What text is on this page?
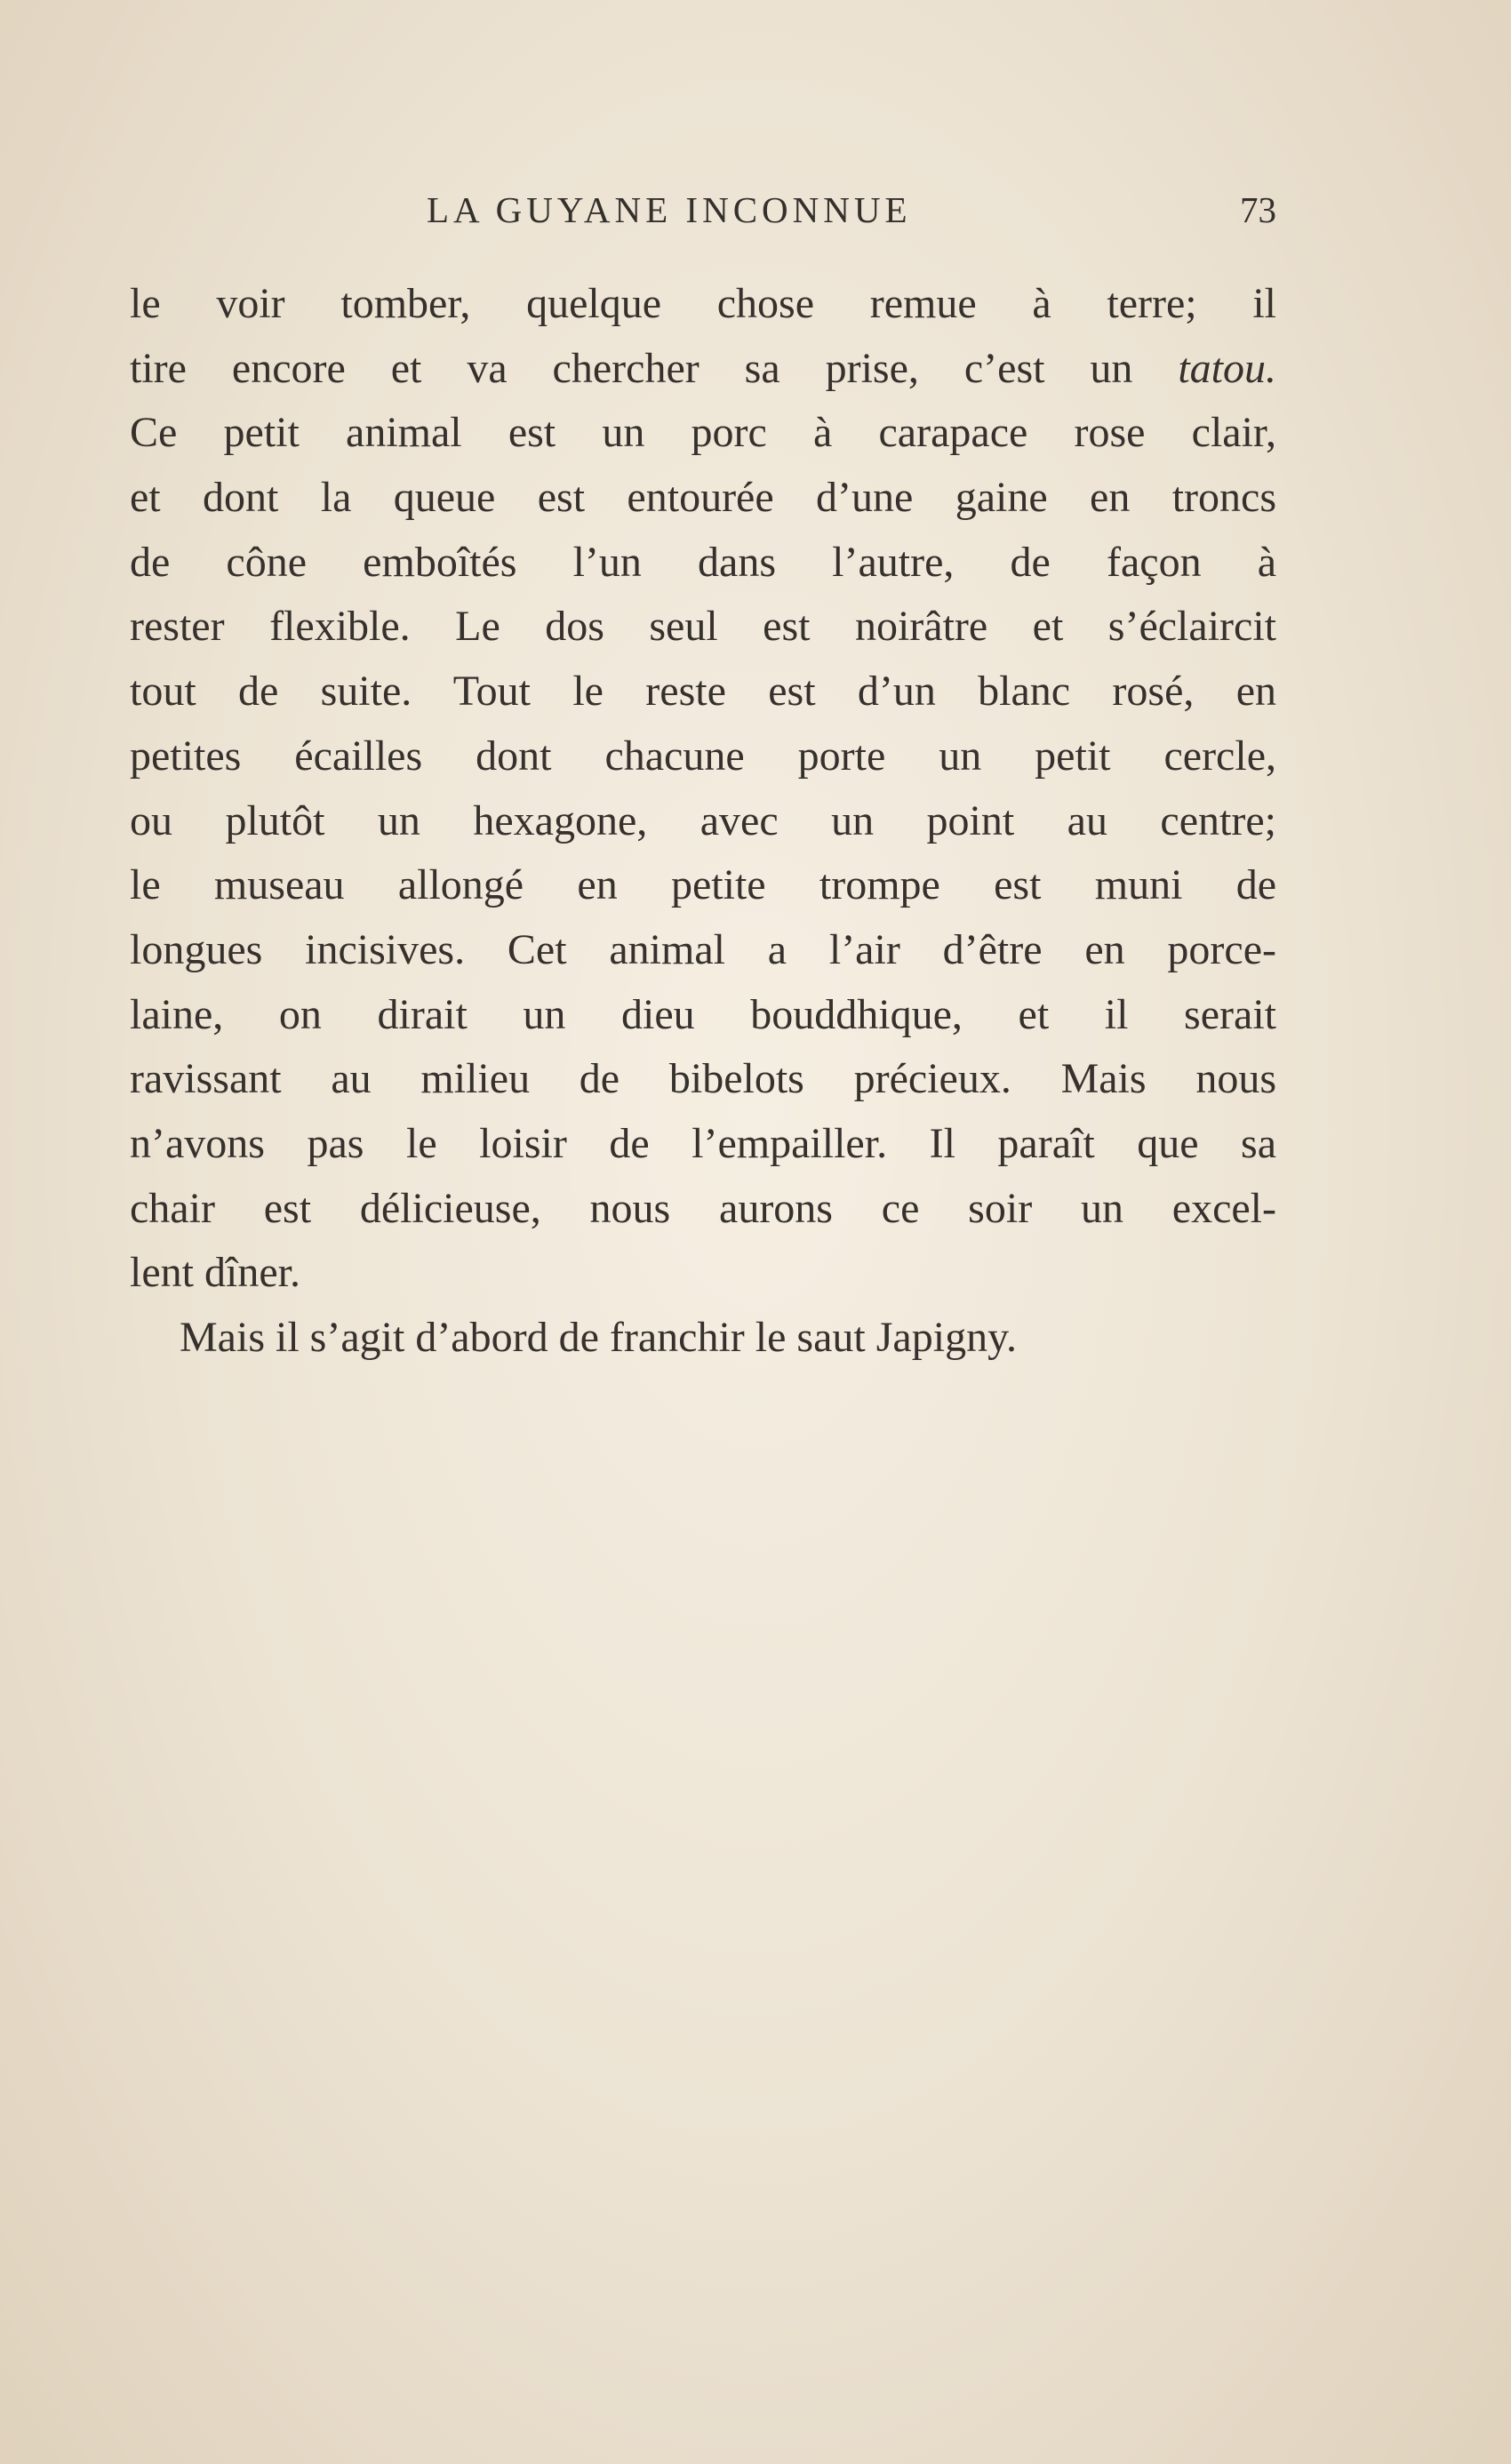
LA GUYANE INCONNUE	73
le voir tomber, quelque chose remue à terre; il
tire encore et va chercher sa prise, c’est un tatou.
Ce petit animal est un porc à carapace rose clair,
et dont la queue est entourée d’une gaine en troncs
de cône emboîtés l’un dans l’autre, de façon à
rester flexible. Le dos seul est noirâtre et s’éclaircit
tout de suite. Tout le reste est d’un blanc rosé, en
petites écailles dont chacune porte un petit cercle,
ou plutôt un hexagone, avec un point au centre;
le museau allongé en petite trompe est muni de
longues incisives. Cet animal a l’air d’être en porce-
laine, on dirait un dieu bouddhique, et il serait
ravissant au milieu de bibelots précieux. Mais nous
n’avons pas le loisir de l’empailler. Il paraît que sa
chair est délicieuse, nous aurons ce soir un excel-
lent dîner.
Mais il s’agit d’abord de franchir le saut Japigny.
